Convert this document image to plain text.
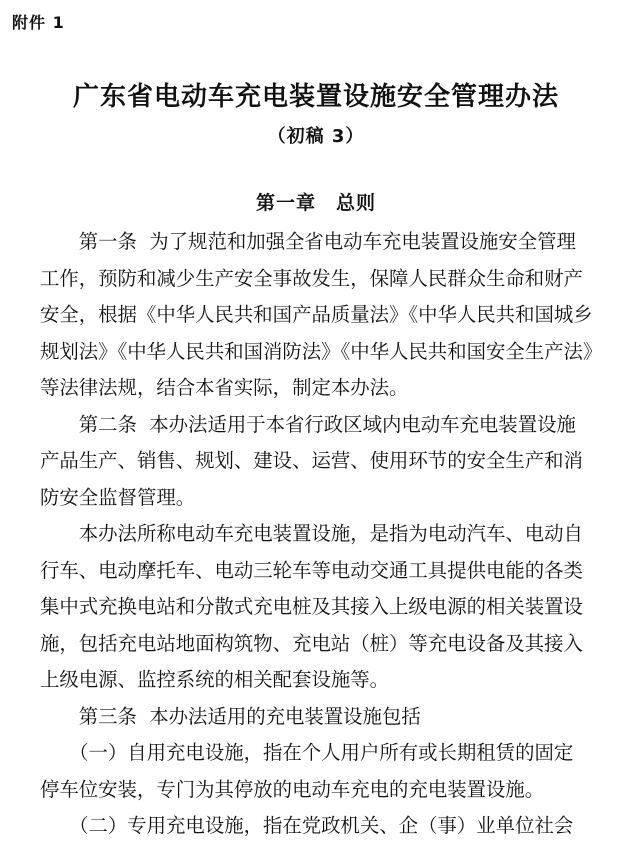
附件 1
广东省电动车充电装置设施安全管理办法
（初稿 3）
第一章　总则
　　第一条  为了规范和加强全省电动车充电装置设施安全管理
工作，预防和减少生产安全事故发生，保障人民群众生命和财产
安全，根据《中华人民共和国产品质量法》《中华人民共和国城乡
规划法》《中华人民共和国消防法》《中华人民共和国安全生产法》
等法律法规，结合本省实际，制定本办法。
　　第二条  本办法适用于本省行政区域内电动车充电装置设施
产品生产、销售、规划、建设、运营、使用环节的安全生产和消
防安全监督管理。
　　本办法所称电动车充电装置设施，是指为电动汽车、电动自
行车、电动摩托车、电动三轮车等电动交通工具提供电能的各类
集中式充换电站和分散式充电桩及其接入上级电源的相关装置设
施，包括充电站地面构筑物、充电站（桩）等充电设备及其接入
上级电源、监控系统的相关配套设施等。
　　第三条  本办法适用的充电装置设施包括
　　（一）自用充电设施，指在个人用户所有或长期租赁的固定
停车位安装，专门为其停放的电动车充电的充电装置设施。
　　（二）专用充电设施，指在党政机关、企（事）业单位社会
